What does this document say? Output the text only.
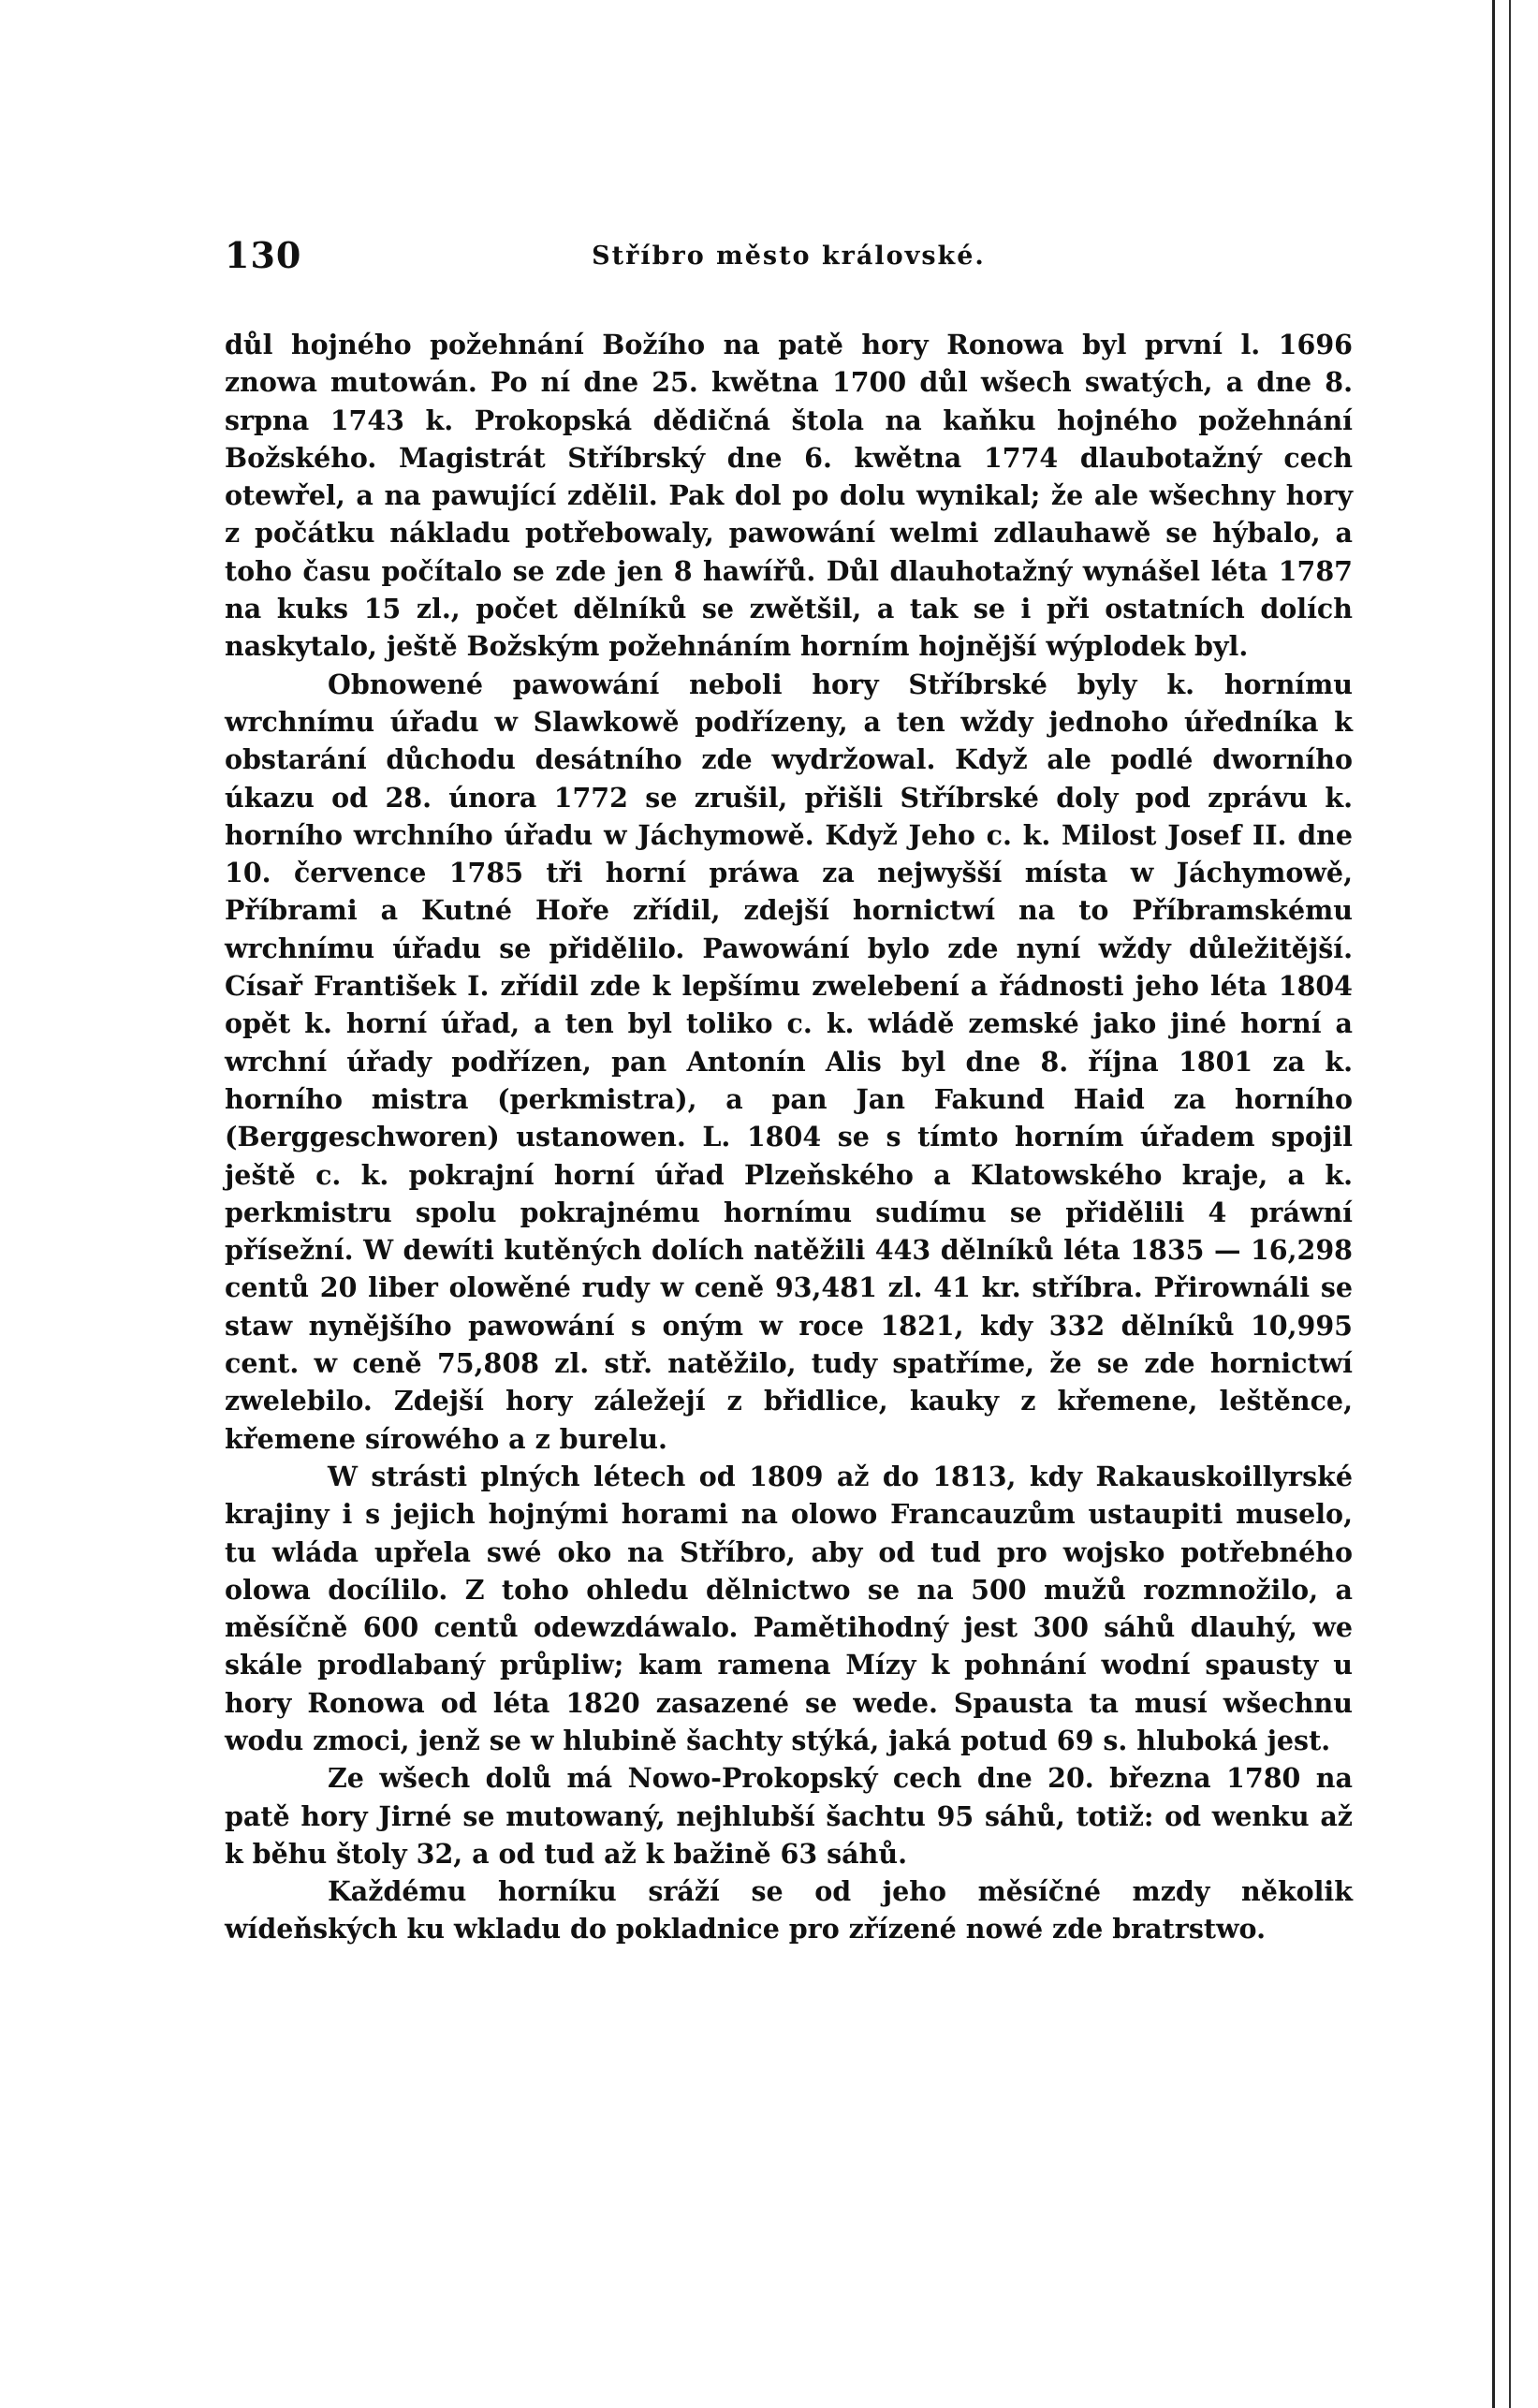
130	Stříbro město královské.

důl hojného požehnání Božího na patě hory Ronowa byl první l. 1696 znowa mutowán. Po ní dne 25. kwětna 1700 důl wšech swatých, a dne 8. srpna 1743 k. Prokopská dědičná štola na kaňku hojného požehnání Božského. Magistrát Stříbrský dne 6. kwětna 1774 dlaubotažný cech otewřel, a na pawující zdělil. Pak dol po dolu wynikal; že ale wšechny hory z počátku nákladu potřebowaly, pawowání welmi zdlauhawě se hýbalo, a toho času počítalo se zde jen 8 hawířů. Důl dlauhotažný wynášel léta 1787 na kuks 15 zl., počet dělníků se zwětšil, a tak se i při ostatních dolích naskytalo, ještě Božským požehnáním horním hojnější wýplodek byl.

Obnowené pawowání neboli hory Stříbrské byly k. hornímu wrchnímu úřadu w Slawkowě podřízeny, a ten wždy jednoho úředníka k obstarání důchodu desátního zde wydržowal. Když ale podlé dworního úkazu od 28. února 1772 se zrušil, přišli Stříbrské doly pod zprávu k. horního wrchního úřadu w Jáchymowě. Když Jeho c. k. Milost Josef II. dne 10. července 1785 tři horní práwa za nejwyšší místa w Jáchymowě, Příbrami a Kutné Hoře zřídil, zdejší hornictwí na to Příbramskému wrchnímu úřadu se přidělilo. Pawowání bylo zde nyní wždy důležitější. Císař František I. zřídil zde k lepšímu zwelebení a řádnosti jeho léta 1804 opět k. horní úřad, a ten byl toliko c. k. wládě zemské jako jiné horní a wrchní úřady podřízen, pan Antonín Alis byl dne 8. října 1801 za k. horního mistra (perkmistra), a pan Jan Fakund Haid za horního (Berggeschworen) ustanowen. L. 1804 se s tímto horním úřadem spojil ještě c. k. pokrajní horní úřad Plzeňského a Klatowského kraje, a k. perkmistru spolu pokrajnému hornímu sudímu se přidělili 4 práwní přísežní. W dewíti kutěných dolích natěžili 443 dělníků léta 1835 — 16,298 centů 20 liber olowěné rudy w ceně 93,481 zl. 41 kr. stříbra. Přirownáli se staw nynějšího pawowání s oným w roce 1821, kdy 332 dělníků 10,995 cent. w ceně 75,808 zl. stř. natěžilo, tudy spatříme, že se zde hornictwí zwelebilo. Zdejší hory záležejí z břidlice, kauky z křemene, leštěnce, křemene sírowého a z burelu.

W strásti plných létech od 1809 až do 1813, kdy Rakauskoillyrské krajiny i s jejich hojnými horami na olowo Francauzům ustaupiti muselo, tu wláda upřela swé oko na Stříbro, aby od tud pro wojsko potřebného olowa docílilo. Z toho ohledu dělnictwo se na 500 mužů rozmnožilo, a měsíčně 600 centů odewzdáwalo. Pamětihodný jest 300 sáhů dlauhý, we skále prodlabaný průpliw; kam ramena Mízy k pohnání wodní spausty u hory Ronowa od léta 1820 zasazené se wede. Spausta ta musí wšechnu wodu zmoci, jenž se w hlubině šachty stýká, jaká potud 69 s. hluboká jest.

Ze wšech dolů má Nowo-Prokopský cech dne 20. března 1780 na patě hory Jirné se mutowaný, nejhlubší šachtu 95 sáhů, totiž: od wenku až k běhu štoly 32, a od tud až k bažině 63 sáhů.

Každému horníku sráží se od jeho měsíčné mzdy několik wídeňských ku wkladu do pokladnice pro zřízené nowé zde bratrstwo.
